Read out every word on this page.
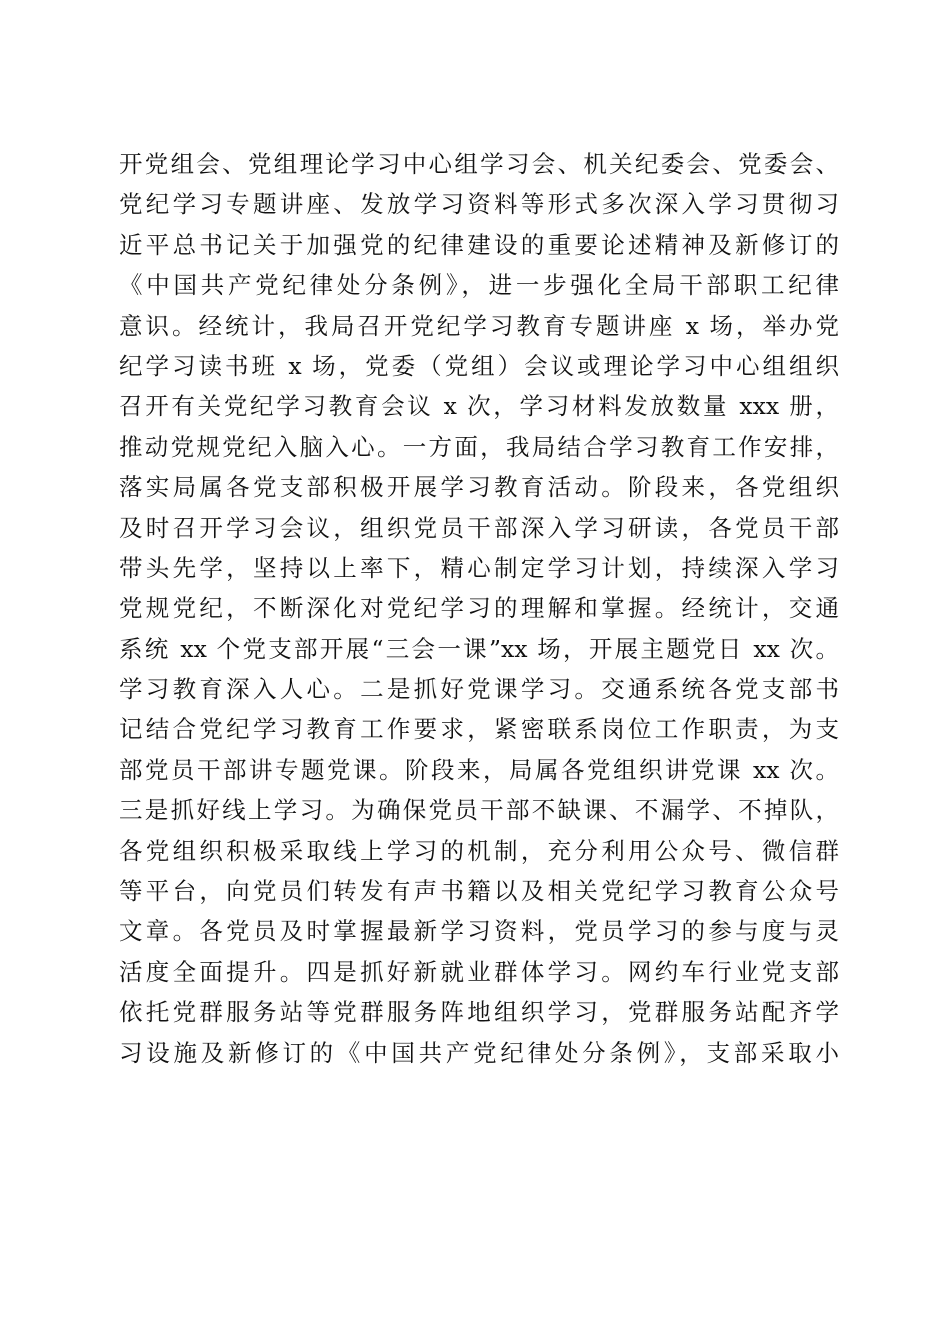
开党组会、党组理论学习中心组学习会、机关纪委会、党委会、
党纪学习专题讲座、发放学习资料等形式多次深入学习贯彻习
近平总书记关于加强党的纪律建设的重要论述精神及新修订的
《中国共产党纪律处分条例》，进一步强化全局干部职工纪律
意识。经统计，我局召开党纪学习教育专题讲座 x 场，举办党
纪学习读书班 x 场，党委（党组）会议或理论学习中心组组织
召开有关党纪学习教育会议 x 次，学习材料发放数量 xxx 册，
推动党规党纪入脑入心。一方面，我局结合学习教育工作安排，
落实局属各党支部积极开展学习教育活动。阶段来，各党组织
及时召开学习会议，组织党员干部深入学习研读，各党员干部
带头先学，坚持以上率下，精心制定学习计划，持续深入学习
党规党纪，不断深化对党纪学习的理解和掌握。经统计，交通
系统 xx 个党支部开展“三会一课”xx 场，开展主题党日 xx 次。
学习教育深入人心。二是抓好党课学习。交通系统各党支部书
记结合党纪学习教育工作要求，紧密联系岗位工作职责，为支
部党员干部讲专题党课。阶段来，局属各党组织讲党课 xx 次。
三是抓好线上学习。为确保党员干部不缺课、不漏学、不掉队，
各党组织积极采取线上学习的机制，充分利用公众号、微信群
等平台，向党员们转发有声书籍以及相关党纪学习教育公众号
文章。各党员及时掌握最新学习资料，党员学习的参与度与灵
活度全面提升。四是抓好新就业群体学习。网约车行业党支部
依托党群服务站等党群服务阵地组织学习，党群服务站配齐学
习设施及新修订的《中国共产党纪律处分条例》，支部采取小
